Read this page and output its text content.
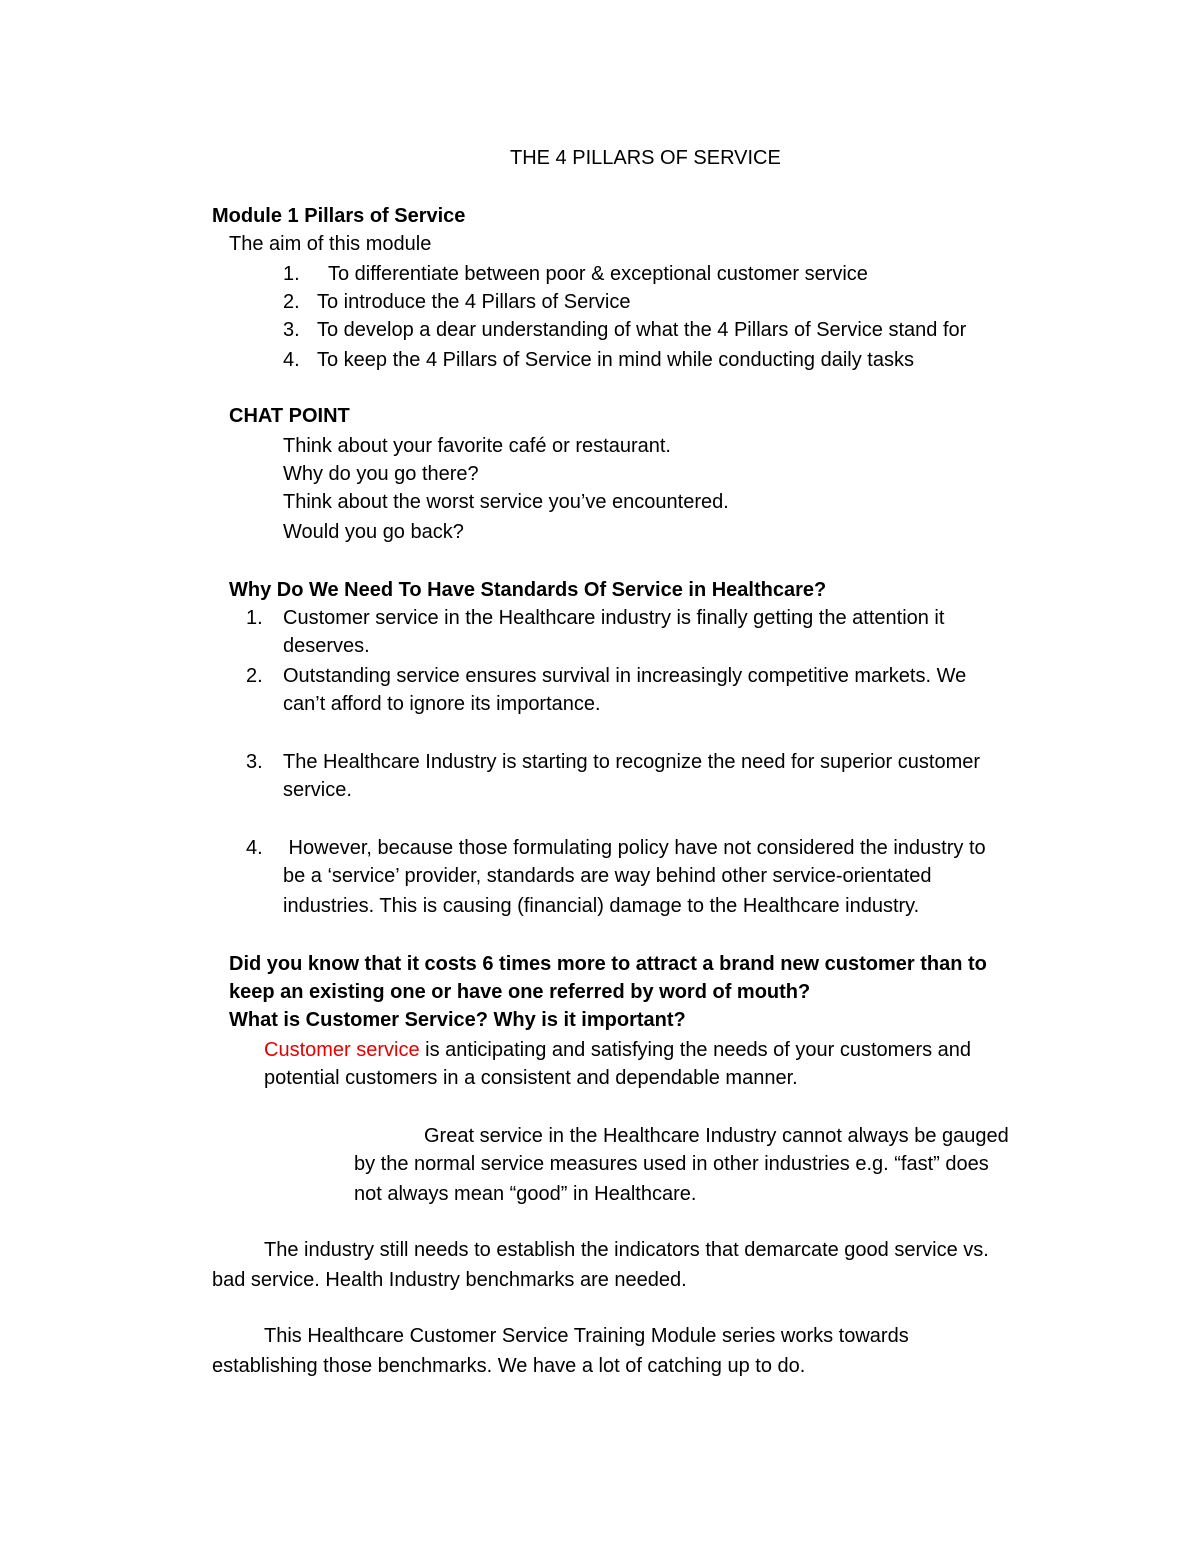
THE 4 PILLARS OF SERVICE

Module 1 Pillars of Service

The aim of this module

1. To differentiate between poor & exceptional customer service
2. To introduce the 4 Pillars of Service
3. To develop a dear understanding of what the 4 Pillars of Service stand for
4. To keep the 4 Pillars of Service in mind while conducting daily tasks

CHAT POINT

Think about your favorite café or restaurant.

Why do you go there?

Think about the worst service you’ve encountered.

Would you go back?

Why Do We Need To Have Standards Of Service in Healthcare?

1. Customer service in the Healthcare industry is finally getting the attention it
deserves.
2. Outstanding service ensures survival in increasingly competitive markets. We
can’t afford to ignore its importance.
3. The Healthcare Industry is starting to recognize the need for superior customer
service.
4. However, because those formulating policy have not considered the industry to
be a ‘service’ provider, standards are way behind other service-orientated
industries. This is causing (financial) damage to the Healthcare industry.

Did you know that it costs 6 times more to attract a brand new customer than to

keep an existing one or have one referred by word of mouth?

What is Customer Service? Why is it important?

Customer service is anticipating and satisfying the needs of your customers and

potential customers in a consistent and dependable manner.

Great service in the Healthcare Industry cannot always be gauged

by the normal service measures used in other industries e.g. “fast” does

not always mean “good” in Healthcare.

The industry still needs to establish the indicators that demarcate good service vs.

bad service. Health Industry benchmarks are needed.

This Healthcare Customer Service Training Module series works towards

establishing those benchmarks. We have a lot of catching up to do.
